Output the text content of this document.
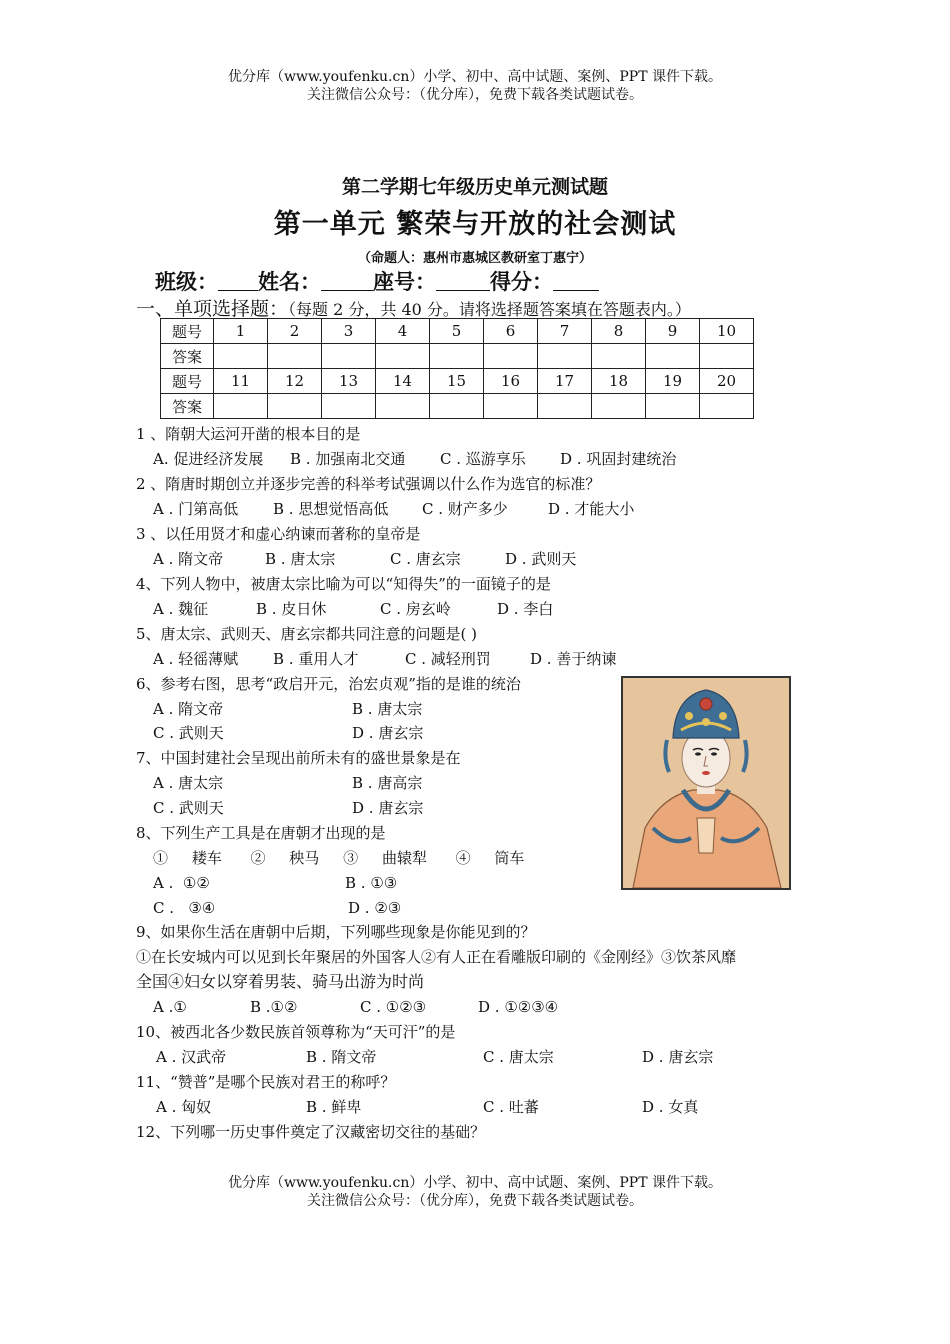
优分库（www.youfenku.cn）小学、初中、高中试题、案例、PPT 课件下载。
关注微信公众号：（优分库），免费下载各类试题试卷。
第二学期七年级历史单元测试题
第一单元 繁荣与开放的社会测试
（命题人：惠州市惠城区教研室丁惠宁）
班级： 姓名： 座号：	得分：
一、单项选择题：（每题 2 分，共 40 分。请将选择题答案填在答题表内。）
题号	1	2	3	4	5	6	7	8	9	10
答案										
题号	11	12	13	14	15	16	17	18	19	20
答案										
1 、隋朝大运河开凿的根本目的是
A. 促进经济发展 B . 加强南北交通 C . 巡游享乐 D . 巩固封建统治
2 、隋唐时期创立并逐步完善的科举考试强调以什么作为选官的标准？
A . 门第高低 B . 思想觉悟高低 C . 财产多少	D . 才能大小
3 、以任用贤才和虚心纳谏而著称的皇帝是
A . 隋文帝	B . 唐太宗	C . 唐玄宗	D . 武则天
4、下列人物中，被唐太宗比喻为可以“知得失”的一面镜子的是
A . 魏征	B . 皮日休	C . 房玄岭	D . 李白
5、唐太宗、武则天、唐玄宗都共同注意的问题是( )
A . 轻徭薄赋 B . 重用人才	C . 减轻刑罚	D . 善于纳谏
6、参考右图，思考“政启开元，治宏贞观”指的是谁的统治
A . 隋文帝	B . 唐太宗
C . 武则天	D . 唐玄宗
7、中国封建社会呈现出前所未有的盛世景象是在
A . 唐太宗	B . 唐高宗
C . 武则天	D . 唐玄宗
8、下列生产工具是在唐朝才出现的是
①     耧车      ②     秧马     ③     曲辕犁      ④     筒车
A .  ①②	B . ①③
C .   ③④	D . ②③
9、如果你生活在唐朝中后期，下列哪些现象是你能见到的？
①在长安城内可以见到长年聚居的外国客人②有人正在看雕版印刷的《金刚经》③饮茶风靡
全国④妇女以穿着男装、骑马出游为时尚
A .①	B .①②	C . ①②③	D . ①②③④
10、被西北各少数民族首领尊称为“天可汗”的是
A . 汉武帝	B . 隋文帝	C . 唐太宗	D . 唐玄宗
11、“赞普”是哪个民族对君王的称呼？
A . 匈奴	B . 鲜卑	C . 吐蕃	D . 女真
12、下列哪一历史事件奠定了汉藏密切交往的基础？
优分库（www.youfenku.cn）小学、初中、高中试题、案例、PPT 课件下载。
关注微信公众号：（优分库），免费下载各类试题试卷。
